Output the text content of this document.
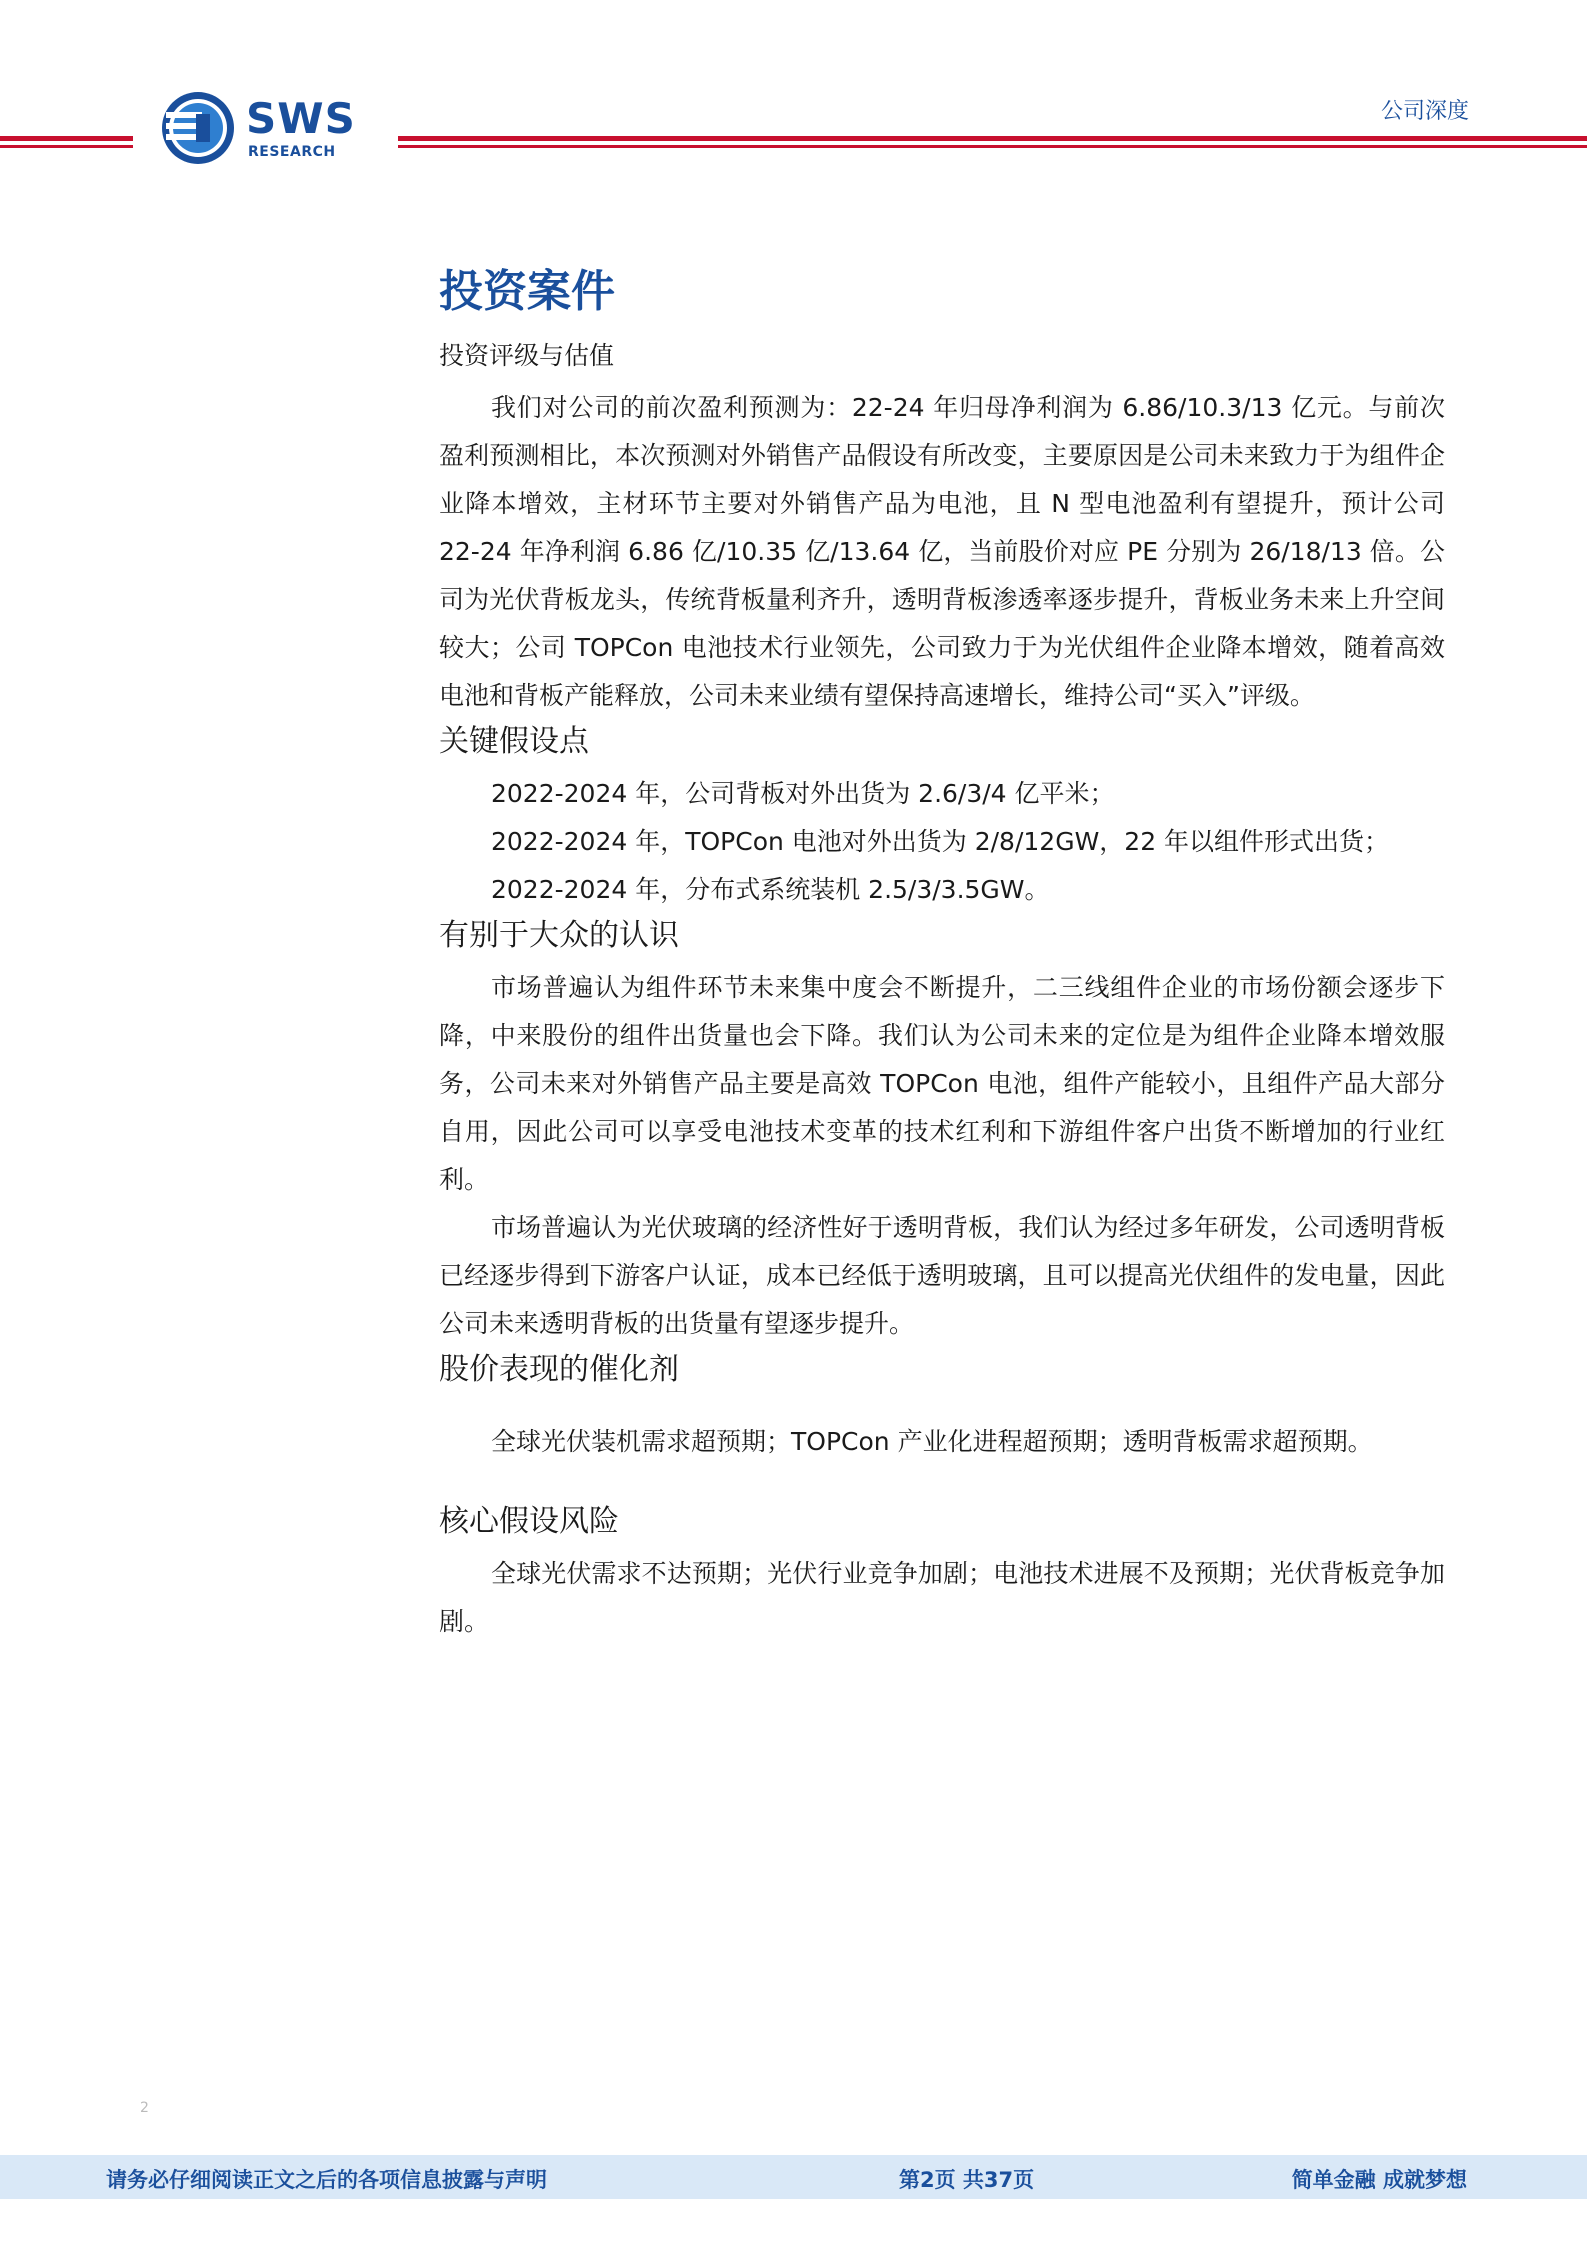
SWS
RESEARCH
公司深度
投资案件
投资评级与估值

我们对公司的前次盈利预测为：22-24 年归母净利润为 6.86/10.3/13 亿元。与前次盈利预测相比，本次预测对外销售产品假设有所改变，主要原因是公司未来致力于为组件企业降本增效，主材环节主要对外销售产品为电池，且 N 型电池盈利有望提升，预计公司 22-24 年净利润 6.86 亿/10.35 亿/13.64 亿，当前股价对应 PE 分别为 26/18/13 倍。公司为光伏背板龙头，传统背板量利齐升，透明背板渗透率逐步提升，背板业务未来上升空间较大；公司 TOPCon 电池技术行业领先，公司致力于为光伏组件企业降本增效，随着高效电池和背板产能释放，公司未来业绩有望保持高速增长，维持公司“买入”评级。

关键假设点

2022-2024 年，公司背板对外出货为 2.6/3/4 亿平米；

2022-2024 年，TOPCon 电池对外出货为 2/8/12GW，22 年以组件形式出货；

2022-2024 年，分布式系统装机 2.5/3/3.5GW。

有别于大众的认识

市场普遍认为组件环节未来集中度会不断提升，二三线组件企业的市场份额会逐步下降，中来股份的组件出货量也会下降。我们认为公司未来的定位是为组件企业降本增效服务，公司未来对外销售产品主要是高效 TOPCon 电池，组件产能较小，且组件产品大部分自用，因此公司可以享受电池技术变革的技术红利和下游组件客户出货不断增加的行业红利。

市场普遍认为光伏玻璃的经济性好于透明背板，我们认为经过多年研发，公司透明背板已经逐步得到下游客户认证，成本已经低于透明玻璃，且可以提高光伏组件的发电量，因此公司未来透明背板的出货量有望逐步提升。

股价表现的催化剂

全球光伏装机需求超预期；TOPCon 产业化进程超预期；透明背板需求超预期。

核心假设风险

全球光伏需求不达预期；光伏行业竞争加剧；电池技术进展不及预期；光伏背板竞争加剧。

2
请务必仔细阅读正文之后的各项信息披露与声明	第2页 共37页	简单金融 成就梦想
